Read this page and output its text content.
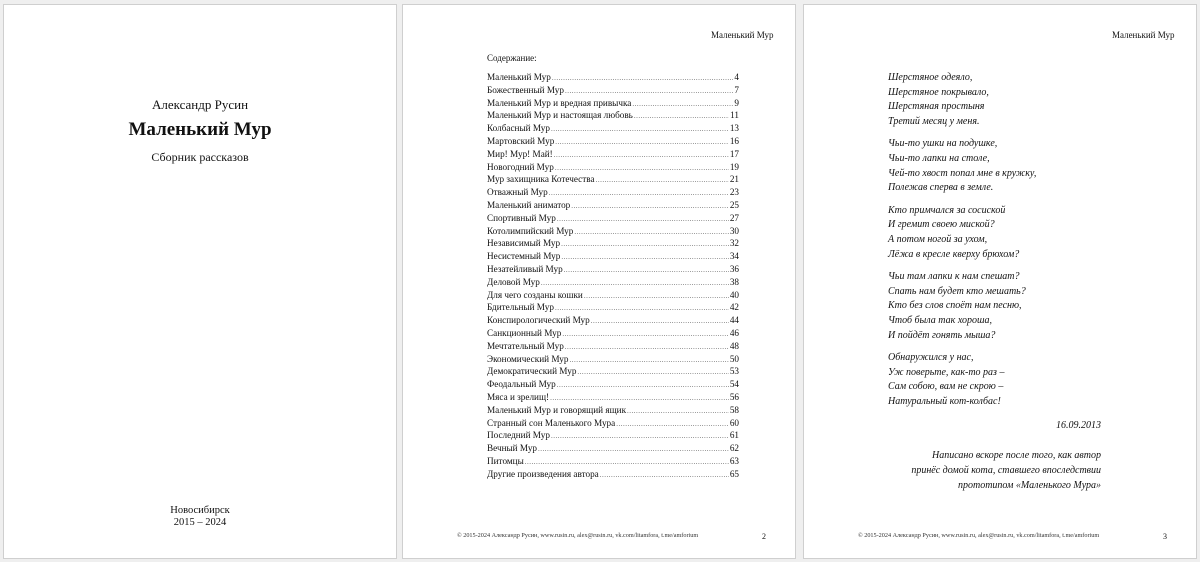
Александр Русин
Маленький Мур
Сборник рассказов
Новосибирск
2015 – 2024
Маленький Мур
Содержание:
Маленький Мур .....	4
Божественный Мур .....	7
Маленький Мур и вредная привычка .....	9
Маленький Мур и настоящая любовь .....	11
Колбасный Мур .....	13
Мартовский Мур .....	16
Мир! Мур! Май! .....	17
Новогодний Мур .....	19
Мур захищника Котечества .....	21
Отважный Мур .....	23
Маленький аниматор .....	25
Спортивный Мур .....	27
Котолимпийский Мур .....	30
Независимый Мур .....	32
Несистемный Мур .....	34
Незатейливый Мур .....	36
Деловой Мур .....	38
Для чего созданы кошки .....	40
Бдительный Мур .....	42
Конспирологический Мур .....	44
Санкционный Мур .....	46
Мечтательный Мур .....	48
Экономический Мур .....	50
Демократический Мур .....	53
Феодальный Мур .....	54
Мяса и зрелищ! .....	56
Маленький Мур и говорящий ящик .....	58
Странный сон Маленького Мура .....	60
Последний Мур .....	61
Вечный Мур .....	62
Питомцы .....	63
Другие произведения автора .....	65
© 2015-2024 Александр Русин, www.rusin.ru, alex@rusin.ru, vk.com/litamfora, t.me/amforium	2
Маленький Мур
Шерстяное одеяло,
Шерстяное покрывало,
Шерстяная простыня
Третий месяц у меня.
Чьи-то ушки на подушке,
Чьи-то лапки на столе,
Чей-то хвост попал мне в кружку,
Полежав сперва в земле.
Кто примчался за сосиской
И гремит своею миской?
А потом ногой за ухом,
Лёжа в кресле кверху брюхом?
Чьи там лапки к нам спешат?
Спать нам будет кто мешать?
Кто без слов споёт нам песню,
Чтоб была так хороша,
И пойдёт гонять мыша?
Обнаружился у нас,
Уж поверьте, как-то раз –
Сам собою, вам не скрою –
Натуральный кот-колбас!
16.09.2013
Написано вскоре после того, как автор
принёс домой кота, ставшего впоследствии
прототипом «Маленького Мура»
© 2015-2024 Александр Русин, www.rusin.ru, alex@rusin.ru, vk.com/litamfora, t.me/amforium	3
